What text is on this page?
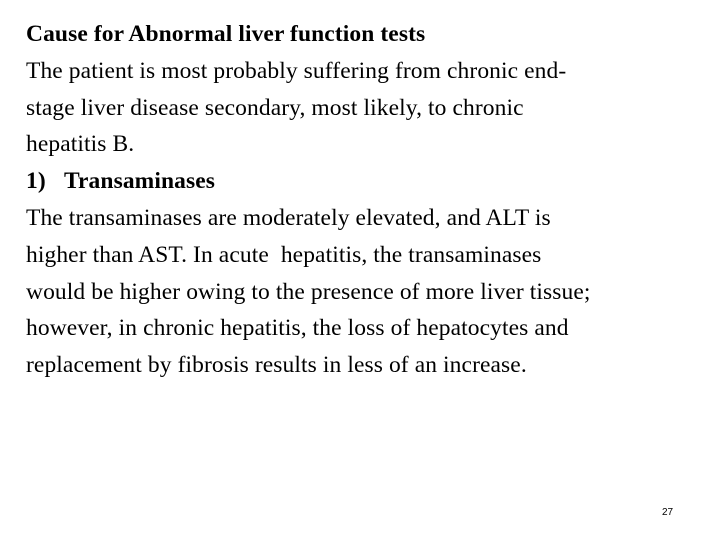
Cause for Abnormal liver function tests
The patient is most probably suffering from chronic end-
stage liver disease secondary, most likely, to chronic
hepatitis B.
1) Transaminases
The transaminases are moderately elevated, and ALT is
higher than AST. In acute  hepatitis, the transaminases
would be higher owing to the presence of more liver tissue;
however, in chronic hepatitis, the loss of hepatocytes and
replacement by fibrosis results in less of an increase.
27
